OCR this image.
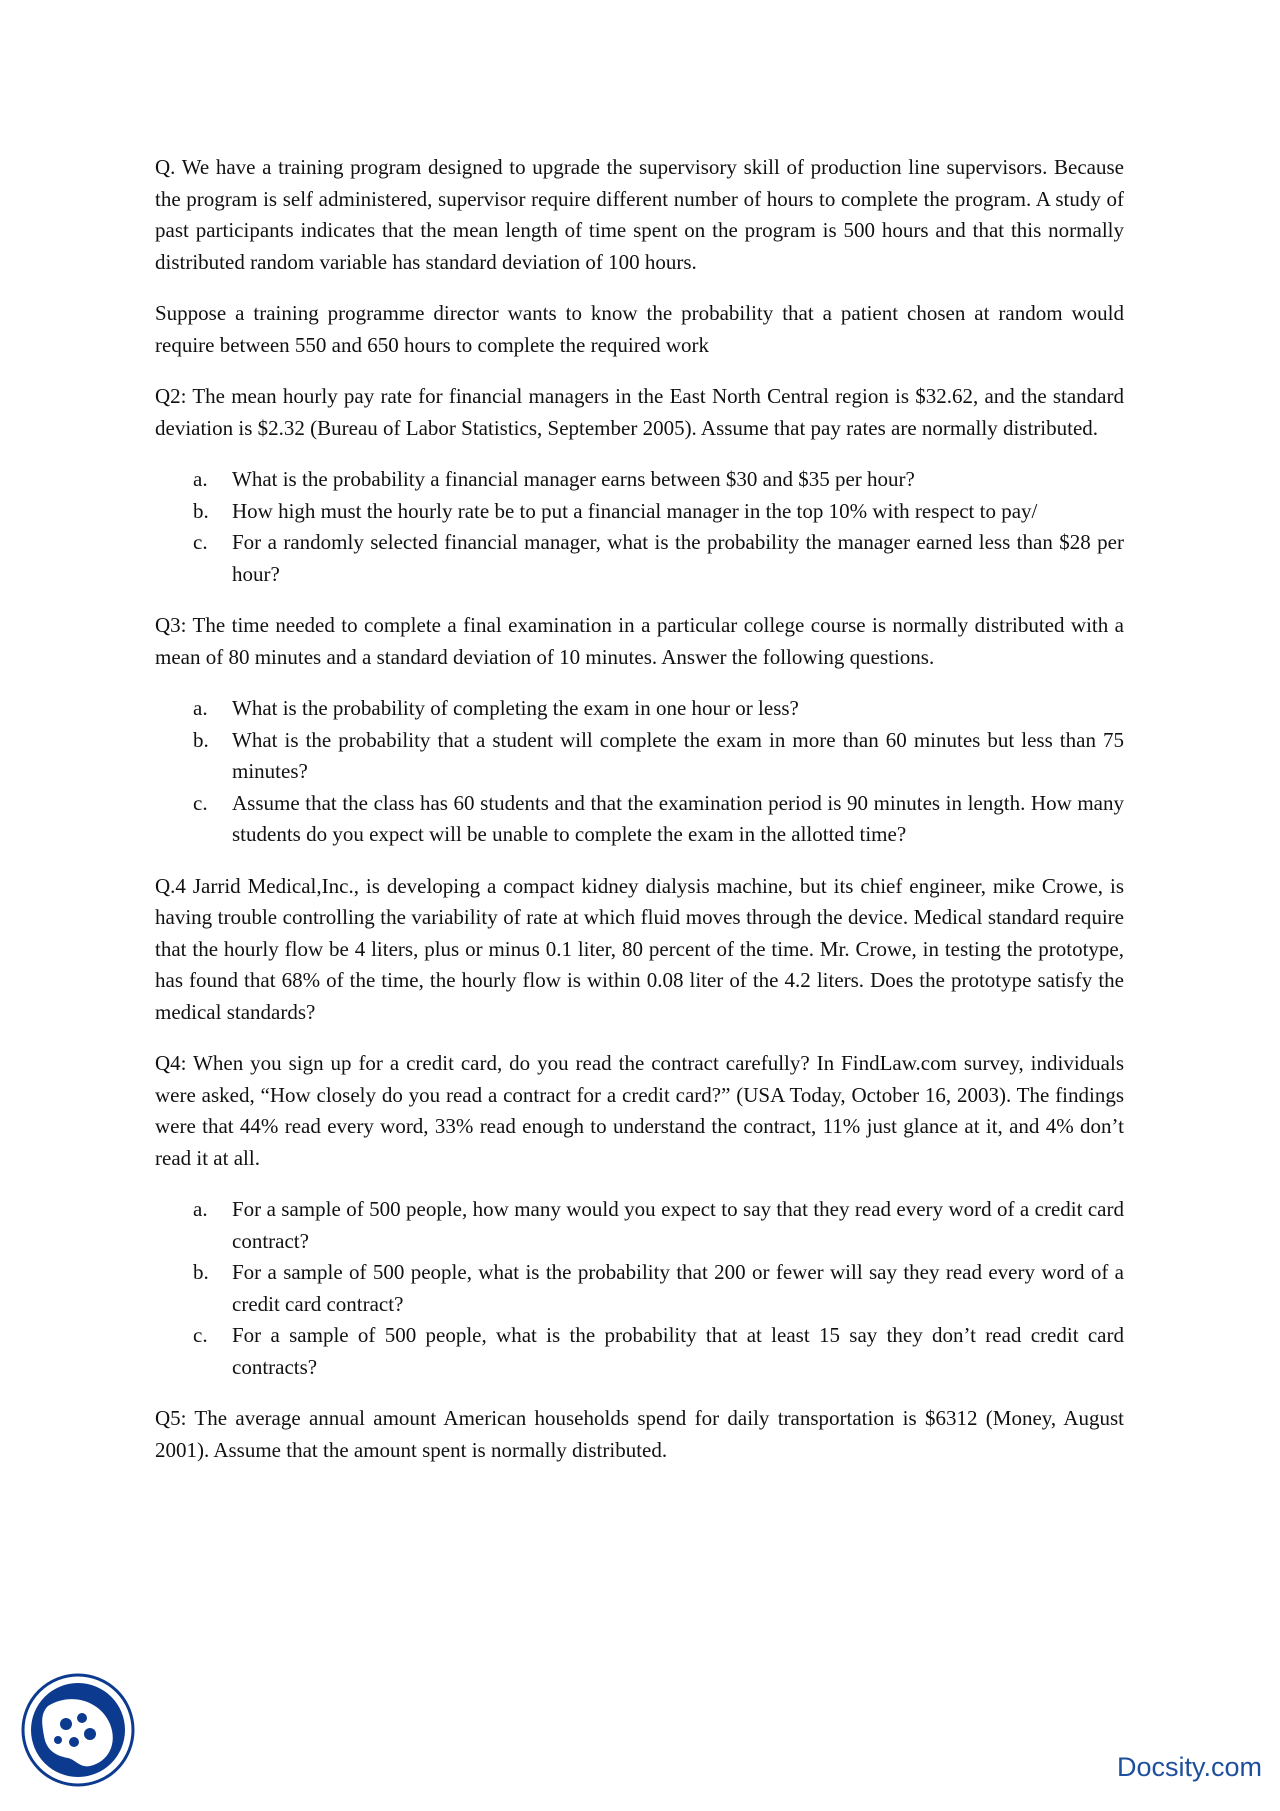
Q. We have a training program designed to upgrade the supervisory skill of production line supervisors. Because the program is self administered, supervisor require different number of hours to complete the program. A study of past participants indicates that the mean length of time spent on the program is 500 hours and that this normally distributed random variable has standard deviation of 100 hours.

Suppose a training programme director wants to know the probability that a patient chosen at random would require between 550 and 650 hours to complete the required work

Q2: The mean hourly pay rate for financial managers in the East North Central region is $32.62, and the standard deviation is $2.32 (Bureau of Labor Statistics, September 2005). Assume that pay rates are normally distributed.

a. What is the probability a financial manager earns between $30 and $35 per hour?
b. How high must the hourly rate be to put a financial manager in the top 10% with respect to pay/
c. For a randomly selected financial manager, what is the probability the manager earned less than $28 per hour?

Q3: The time needed to complete a final examination in a particular college course is normally distributed with a mean of 80 minutes and a standard deviation of 10 minutes. Answer the following questions.

a. What is the probability of completing the exam in one hour or less?
b. What is the probability that a student will complete the exam in more than 60 minutes but less than 75 minutes?
c. Assume that the class has 60 students and that the examination period is 90 minutes in length. How many students do you expect will be unable to complete the exam in the allotted time?

Q.4 Jarrid Medical,Inc., is developing a compact kidney dialysis machine, but its chief engineer, mike Crowe, is having trouble controlling the variability of rate at which fluid moves through the device. Medical standard require that the hourly flow be 4 liters, plus or minus 0.1 liter, 80 percent of the time. Mr. Crowe, in testing the prototype, has found that 68% of the time, the hourly flow is within 0.08 liter of the 4.2 liters. Does the prototype satisfy the medical standards?

Q4: When you sign up for a credit card, do you read the contract carefully? In FindLaw.com survey, individuals were asked, “How closely do you read a contract for a credit card?” (USA Today, October 16, 2003). The findings were that 44% read every word, 33% read enough to understand the contract, 11% just glance at it, and 4% don’t read it at all.

a. For a sample of 500 people, how many would you expect to say that they read every word of a credit card contract?
b. For a sample of 500 people, what is the probability that 200 or fewer will say they read every word of a credit card contract?
c. For a sample of 500 people, what is the probability that at least 15 say they don’t read credit card contracts?

Q5: The average annual amount American households spend for daily transportation is $6312 (Money, August 2001). Assume that the amount spent is normally distributed.

Docsity.com
